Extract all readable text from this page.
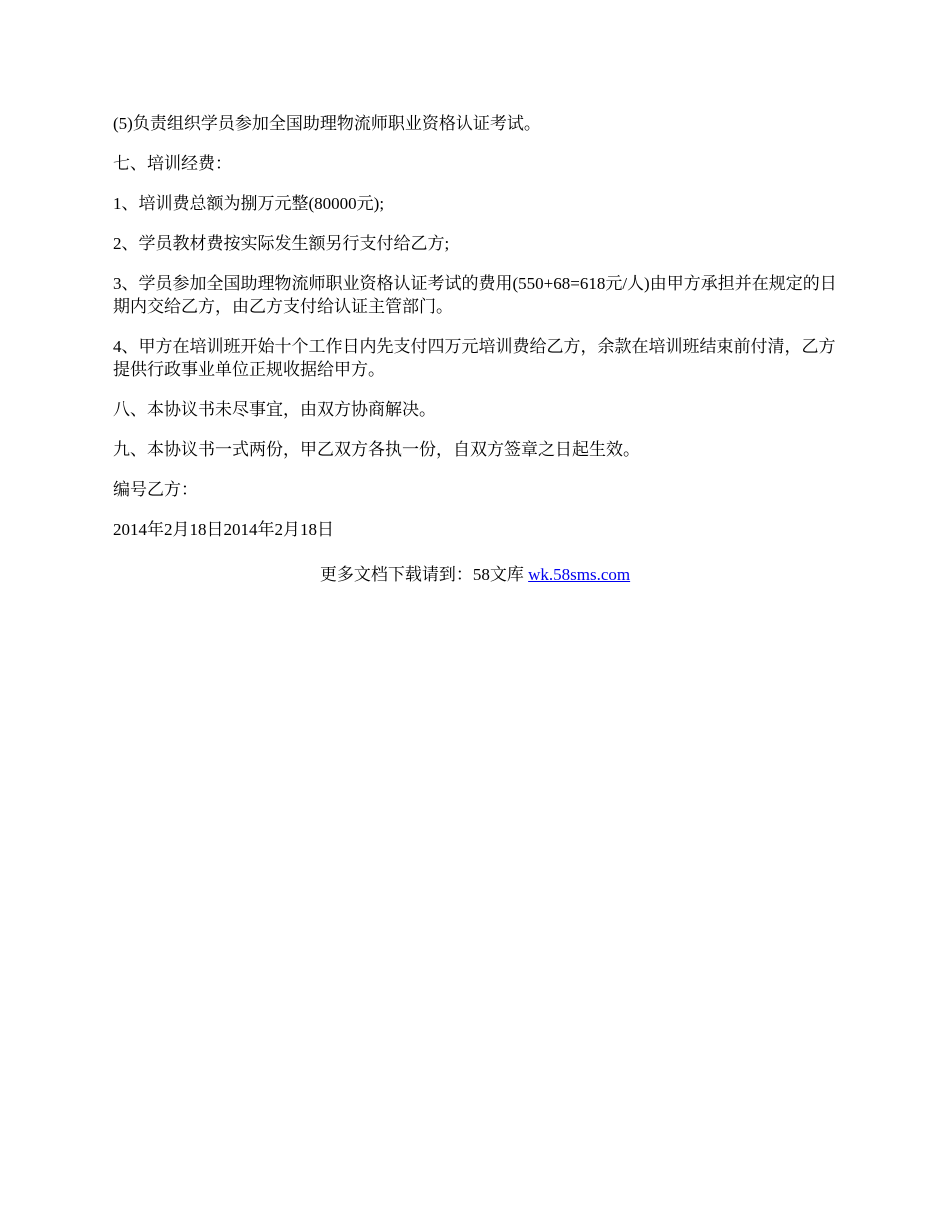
(5)负责组织学员参加全国助理物流师职业资格认证考试。

七、培训经费：

1、培训费总额为捌万元整(80000元);

2、学员教材费按实际发生额另行支付给乙方;

3、学员参加全国助理物流师职业资格认证考试的费用(550+68=618元/人)由甲方承担并在规定的日期内交给乙方，由乙方支付给认证主管部门。

4、甲方在培训班开始十个工作日内先支付四万元培训费给乙方，余款在培训班结束前付清，乙方提供行政事业单位正规收据给甲方。

八、本协议书未尽事宜，由双方协商解决。

九、本协议书一式两份，甲乙双方各执一份，自双方签章之日起生效。

编号乙方：

2014年2月18日2014年2月18日

更多文档下载请到：58文库 wk.58sms.com
